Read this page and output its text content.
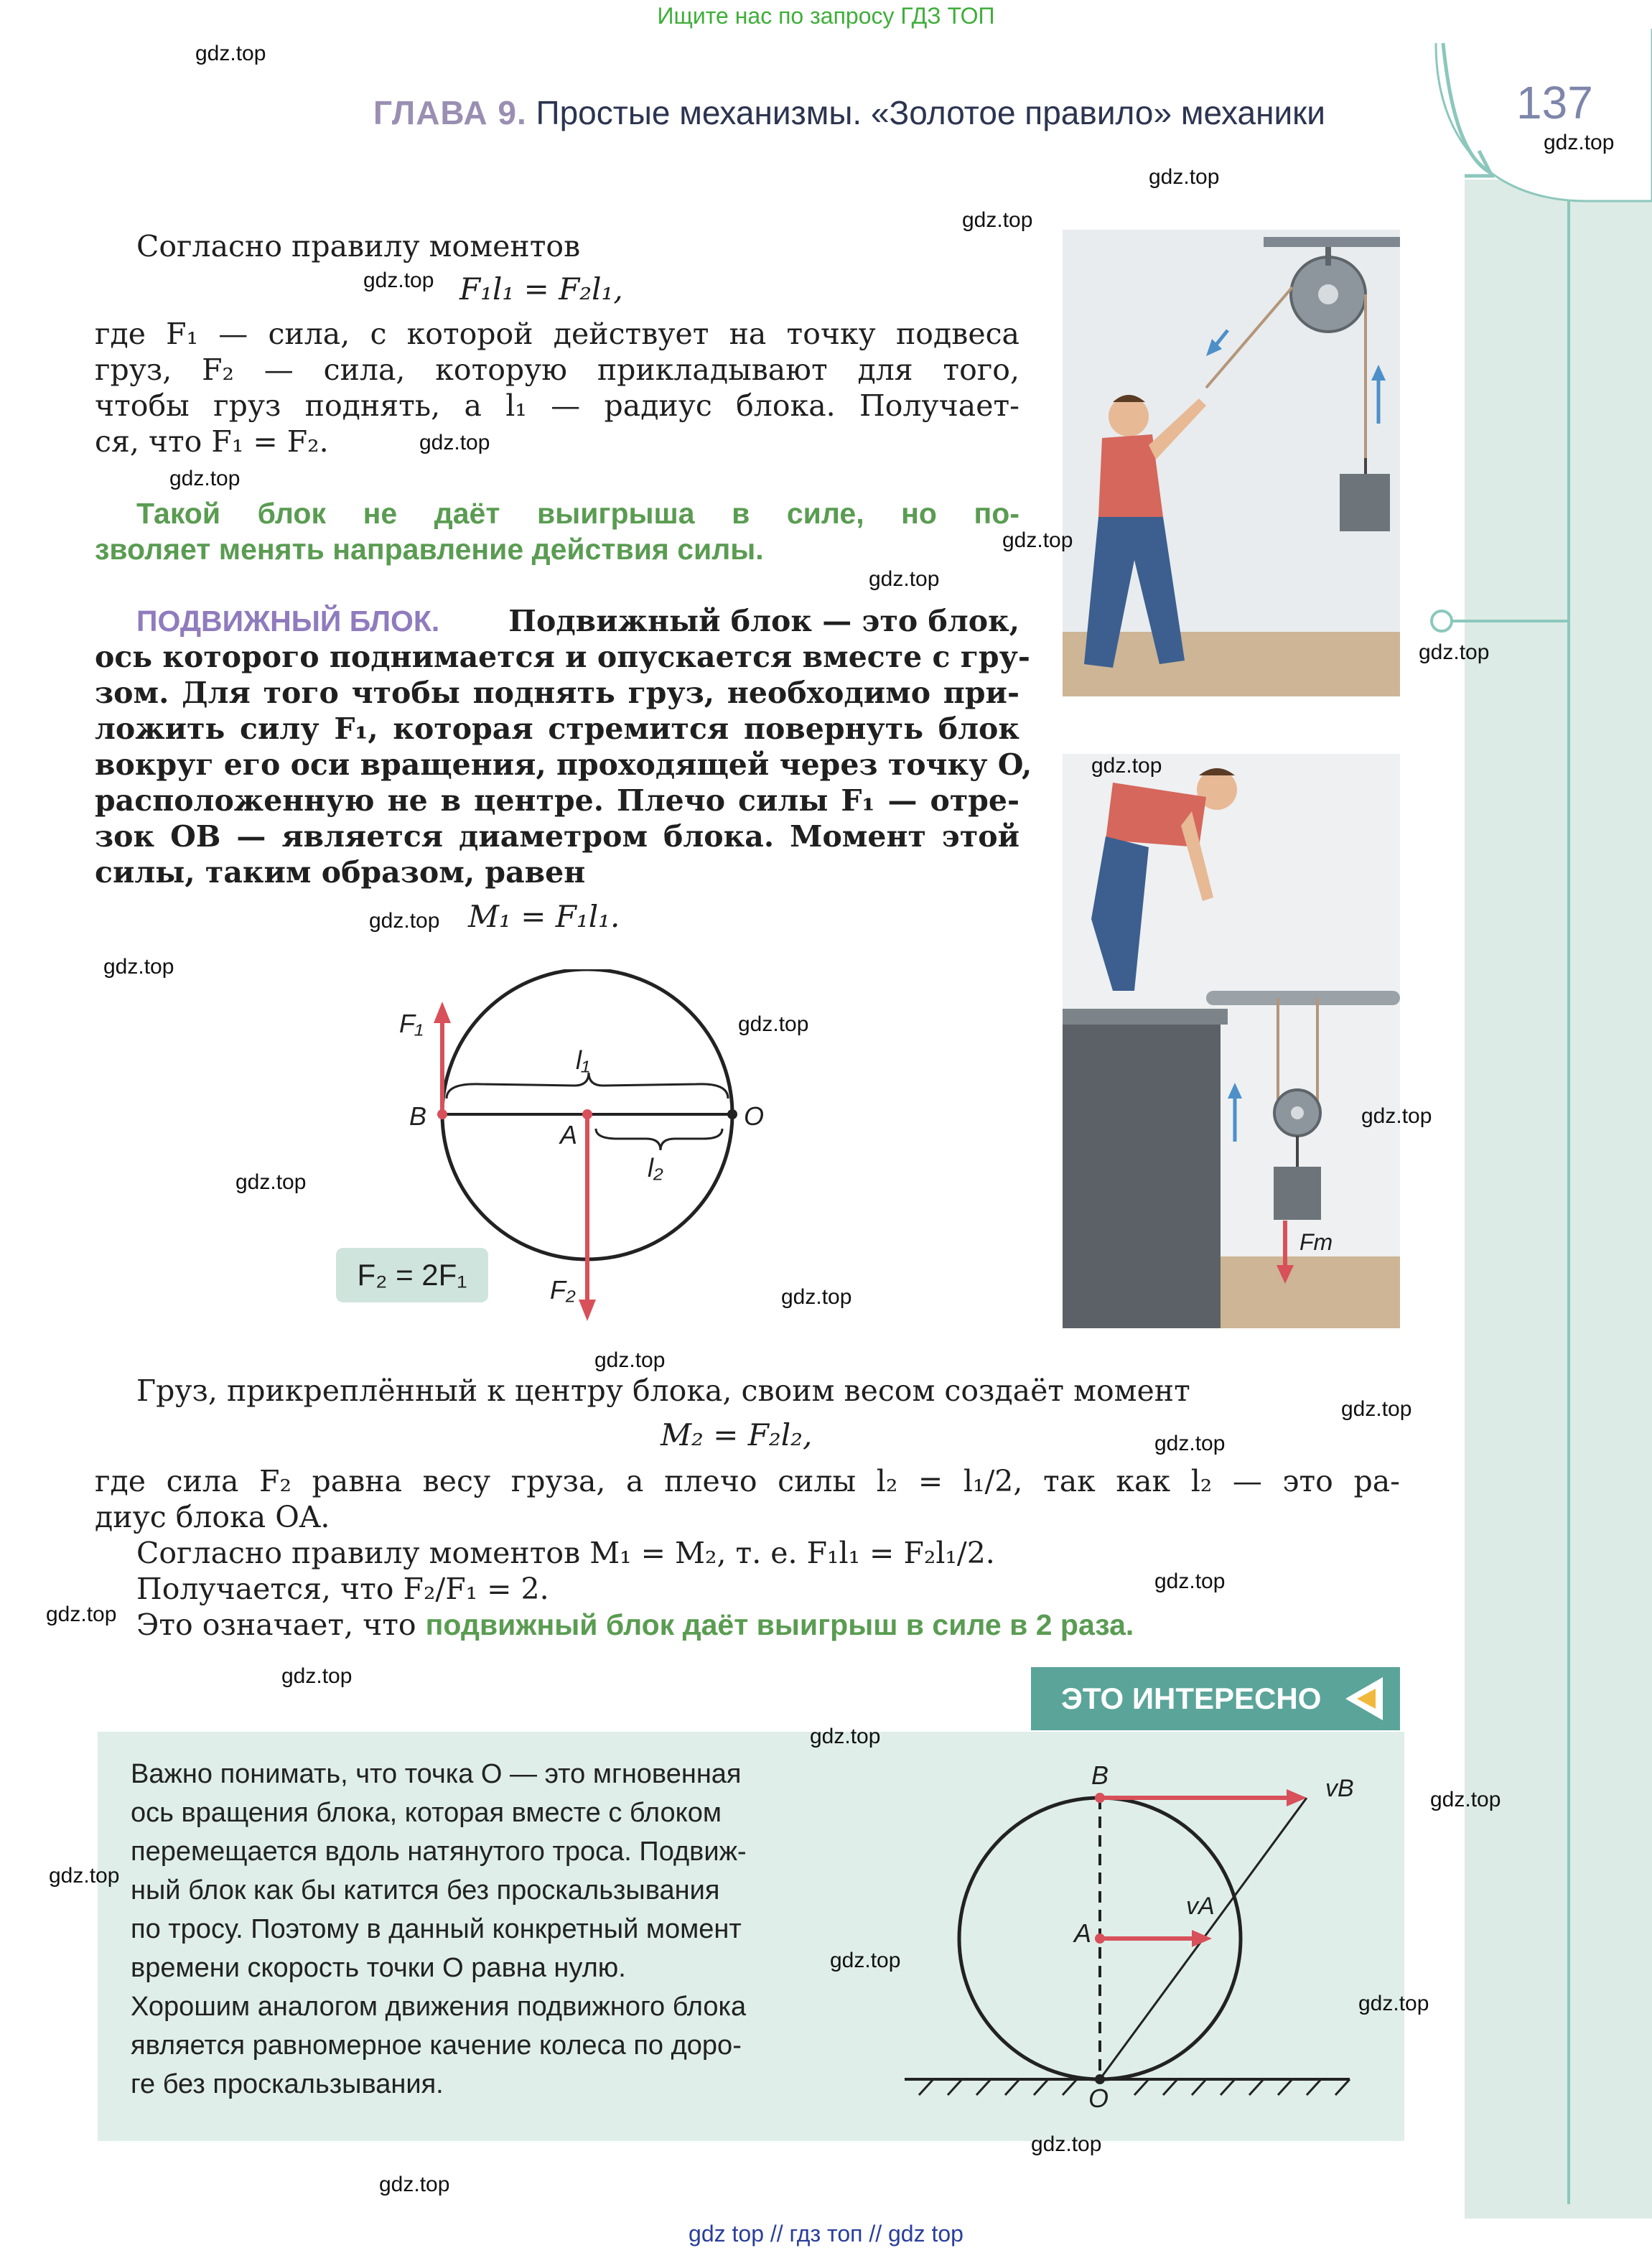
Ищите нас по запросу ГДЗ ТОП
ГЛАВА 9. Простые механизмы. «Золотое правило» механики	137
Согласно правилу моментов
F₁l₁ = F₂l₁,
где F₁ — сила, с которой действует на точку подвеса
груз, F₂ — сила, которую прикладывают для того,
чтобы груз поднять, а l₁ — радиус блока. Получает-
ся, что F₁ = F₂.
Такой блок не даёт выигрыша в силе, но по-
зволяет менять направление действия силы.
ПОДВИЖНЫЙ БЛОК. Подвижный блок — это блок,
ось которого поднимается и опускается вместе с гру-
зом. Для того чтобы поднять груз, необходимо при-
ложить силу F₁, которая стремится повернуть блок
вокруг его оси вращения, проходящей через точку O,
расположенную не в центре. Плечо силы F₁ — отре-
зок OB — является диаметром блока. Момент этой
силы, таким образом, равен
M₁ = F₁l₁.
F₁
F₂
l₁
l₂
B
A
O
F₂ = 2F₁
Fт
Груз, прикреплённый к центру блока, своим весом создаёт момент
M₂ = F₂l₂,
где сила F₂ равна весу груза, а плечо силы l₂ = l₁/2, так как l₂ — это ра-
диус блока OA.
Согласно правилу моментов M₁ = M₂, т. е. F₁l₁ = F₂l₁/2.
Получается, что F₂/F₁ = 2.
Это означает, что подвижный блок даёт выигрыш в силе в 2 раза.
ЭТО ИНТЕРЕСНО
Важно понимать, что точка O — это мгновенная
ось вращения блока, которая вместе с блоком
перемещается вдоль натянутого троса. Подвиж-
ный блок как бы катится без проскальзывания
по тросу. Поэтому в данный конкретный момент
времени скорость точки O равна нулю.
Хорошим аналогом движения подвижного блока
является равномерное качение колеса по доро-
ге без проскальзывания.
B
A
O
vB
vA
gdz.top
gdz.top
gdz.top
gdz.top
gdz.top
gdz.top
gdz.top
gdz.top
gdz.top
gdz.top
gdz.top
gdz.top
gdz.top
gdz.top
gdz.top
gdz.top
gdz.top
gdz.top
gdz.top
gdz.top
gdz.top
gdz.top
gdz.top
gdz.top
gdz.top
gdz.top
gdz.top
gdz.top
gdz.top
gdz.top
gdz top // гдз топ // gdz top
